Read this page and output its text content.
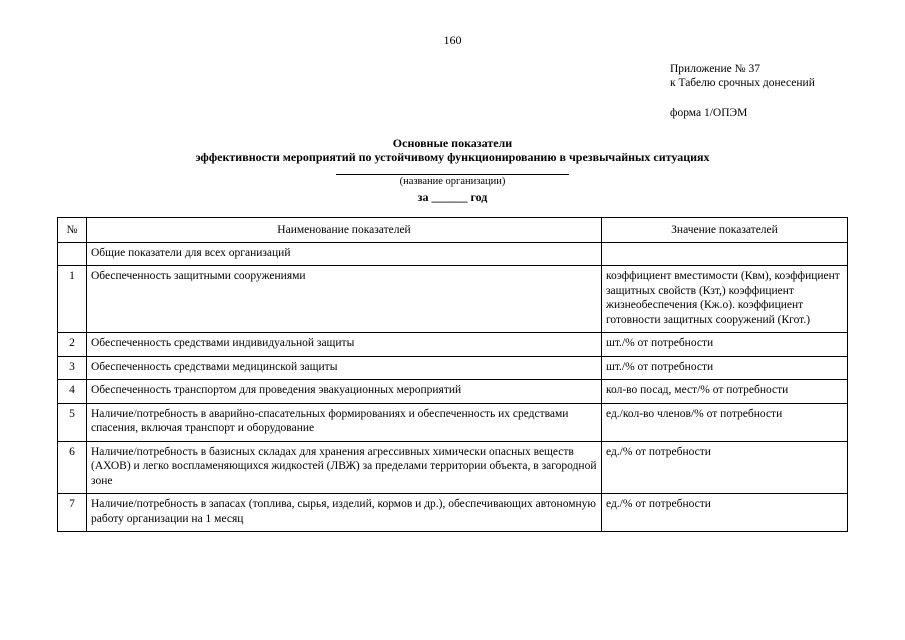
160
Приложение № 37
к Табелю срочных донесений
форма 1/ОПЭМ
Основные показатели
эффективности мероприятий по устойчивому функционированию в чрезвычайных ситуациях
(название организации)
за ______ год
№	Наименование показателей	Значение показателей
	Общие показатели для всех организаций	
1	Обеспеченность защитными сооружениями	коэффициент вместимости (Квм), коэффициент защитных свойств (Кзт,) коэффициент жизнеобеспечения (Кж.о). коэффициент готовности защитных сооружений (Кгот.)
2	Обеспеченность средствами индивидуальной защиты	шт./% от потребности
3	Обеспеченность средствами медицинской защиты	шт./% от потребности
4	Обеспеченность транспортом для проведения эвакуационных мероприятий	кол-во посад, мест/% от потребности
5	Наличие/потребность в аварийно-спасательных формированиях и обеспеченность их средствами спасения, включая транспорт и оборудование	ед./кол-во членов/% от потребности
6	Наличие/потребность в базисных складах для хранения агрессивных химически опасных веществ (АХОВ) и легко воспламеняющихся жидкостей (ЛВЖ) за пределами территории объекта, в загородной зоне	ед./% от потребности
7	Наличие/потребность в запасах (топлива, сырья, изделий, кормов и др.), обеспечивающих автономную работу организации на 1 месяц	ед./% от потребности
